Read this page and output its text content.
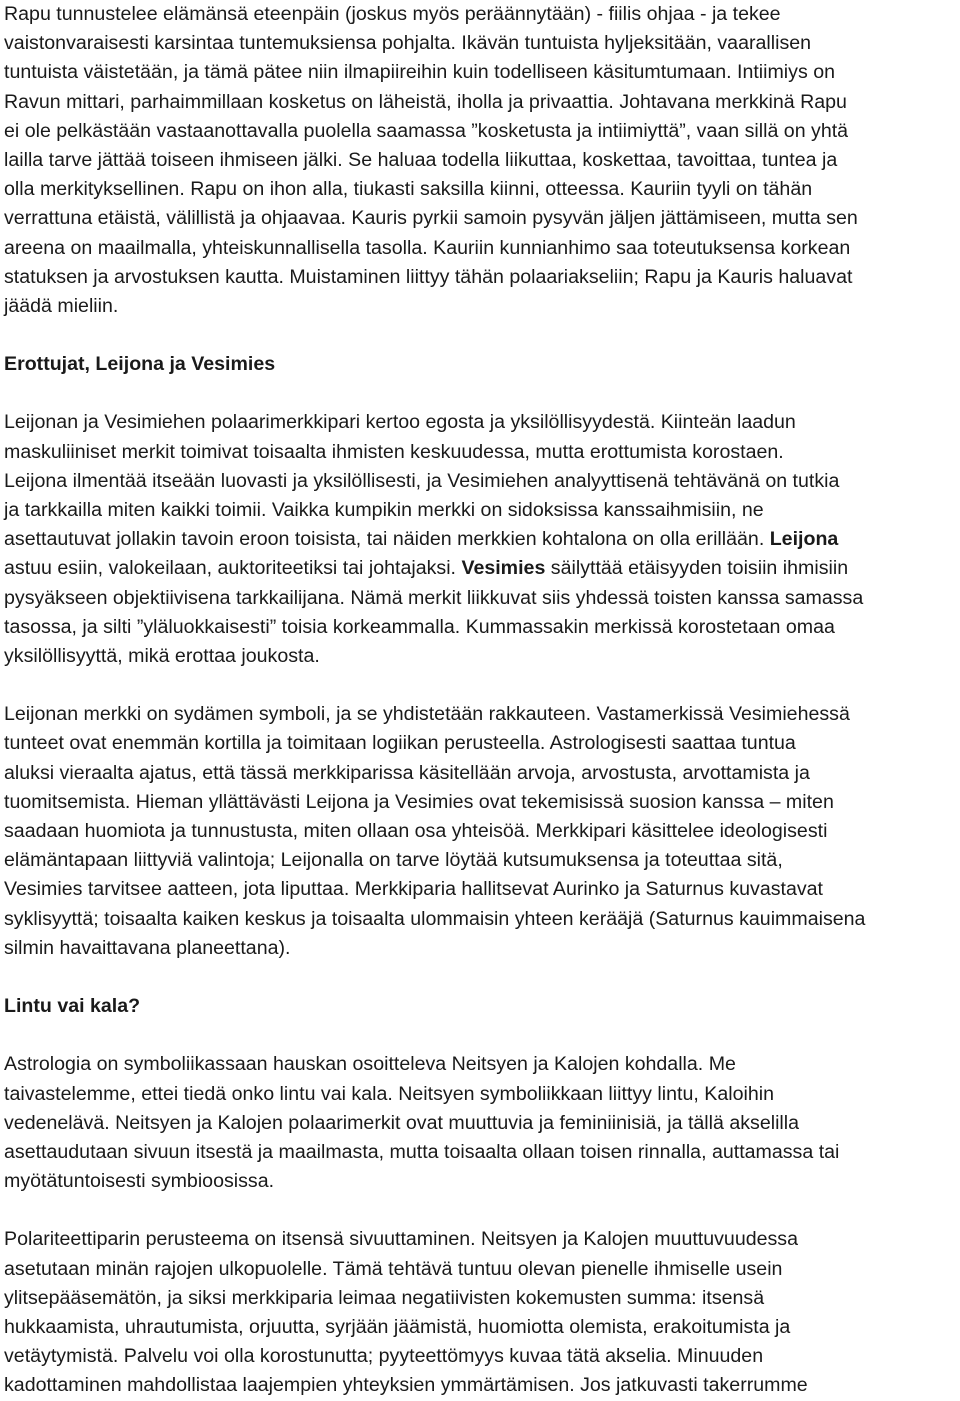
Rapu tunnustelee elämänsä eteenpäin (joskus myös peräännytään) - fiilis ohjaa - ja tekee
vaistonvaraisesti karsintaa tuntemuksiensa pohjalta. Ikävän tuntuista hyljeksitään, vaarallisen
tuntuista väistetään, ja tämä pätee niin ilmapiireihin kuin todelliseen käsitumtumaan. Intiimiys on
Ravun mittari, parhaimmillaan kosketus on läheistä, iholla ja privaattia. Johtavana merkkinä Rapu
ei ole pelkästään vastaanottavalla puolella saamassa ”kosketusta ja intiimiyttä”, vaan sillä on yhtä
lailla tarve jättää toiseen ihmiseen jälki. Se haluaa todella liikuttaa, koskettaa, tavoittaa, tuntea ja
olla merkityksellinen. Rapu on ihon alla, tiukasti saksilla kiinni, otteessa. Kauriin tyyli on tähän
verrattuna etäistä, välillistä ja ohjaavaa. Kauris pyrkii samoin pysyvän jäljen jättämiseen, mutta sen
areena on maailmalla, yhteiskunnallisella tasolla. Kauriin kunnianhimo saa toteutuksensa korkean
statuksen ja arvostuksen kautta. Muistaminen liittyy tähän polaariakseliin; Rapu ja Kauris haluavat
jäädä mieliin.
Erottujat, Leijona ja Vesimies
Leijonan ja Vesimiehen polaarimerkkipari kertoo egosta ja yksilöllisyydestä. Kiinteän laadun
maskuliiniset merkit toimivat toisaalta ihmisten keskuudessa, mutta erottumista korostaen.
Leijona ilmentää itseään luovasti ja yksilöllisesti, ja Vesimiehen analyyttisenä tehtävänä on tutkia
ja tarkkailla miten kaikki toimii. Vaikka kumpikin merkki on sidoksissa kanssaihmisiin, ne
asettautuvat jollakin tavoin eroon toisista, tai näiden merkkien kohtalona on olla erillään. Leijona
astuu esiin, valokeilaan, auktoriteetiksi tai johtajaksi. Vesimies säilyttää etäisyyden toisiin ihmisiin
pysyäkseen objektiivisena tarkkailijana. Nämä merkit liikkuvat siis yhdessä toisten kanssa samassa
tasossa, ja silti ”yläluokkaisesti” toisia korkeammalla. Kummassakin merkissä korostetaan omaa
yksilöllisyyttä, mikä erottaa joukosta.
Leijonan merkki on sydämen symboli, ja se yhdistetään rakkauteen. Vastamerkissä Vesimiehessä
tunteet ovat enemmän kortilla ja toimitaan logiikan perusteella. Astrologisesti saattaa tuntua
aluksi vieraalta ajatus, että tässä merkkiparissa käsitellään arvoja, arvostusta, arvottamista ja
tuomitsemista. Hieman yllättävästi Leijona ja Vesimies ovat tekemisissä suosion kanssa – miten
saadaan huomiota ja tunnustusta, miten ollaan osa yhteisöä. Merkkipari käsittelee ideologisesti
elämäntapaan liittyviä valintoja; Leijonalla on tarve löytää kutsumuksensa ja toteuttaa sitä,
Vesimies tarvitsee aatteen, jota liputtaa. Merkkiparia hallitsevat Aurinko ja Saturnus kuvastavat
syklisyyttä; toisaalta kaiken keskus ja toisaalta ulommaisin yhteen kerääjä (Saturnus kauimmaisena
silmin havaittavana planeettana).
Lintu vai kala?
Astrologia on symboliikassaan hauskan osoitteleva Neitsyen ja Kalojen kohdalla. Me
taivastelemme, ettei tiedä onko lintu vai kala. Neitsyen symboliikkaan liittyy lintu, Kaloihin
vedenelävä. Neitsyen ja Kalojen polaarimerkit ovat muuttuvia ja feminiinisiä, ja tällä akselilla
asettaudutaan sivuun itsestä ja maailmasta, mutta toisaalta ollaan toisen rinnalla, auttamassa tai
myötätuntoisesti symbioosissa.
Polariteettiparin perusteema on itsensä sivuuttaminen. Neitsyen ja Kalojen muuttuvuudessa
asetutaan minän rajojen ulkopuolelle. Tämä tehtävä tuntuu olevan pienelle ihmiselle usein
ylitsepääsemätön, ja siksi merkkiparia leimaa negatiivisten kokemusten summa: itsensä
hukkaamista, uhrautumista, orjuutta, syrjään jäämistä, huomiotta olemista, erakoitumista ja
vetäytymistä. Palvelu voi olla korostunutta; pyyteettömyys kuvaa tätä akselia. Minuuden
kadottaminen mahdollistaa laajempien yhteyksien ymmärtämisen. Jos jatkuvasti takerrumme
